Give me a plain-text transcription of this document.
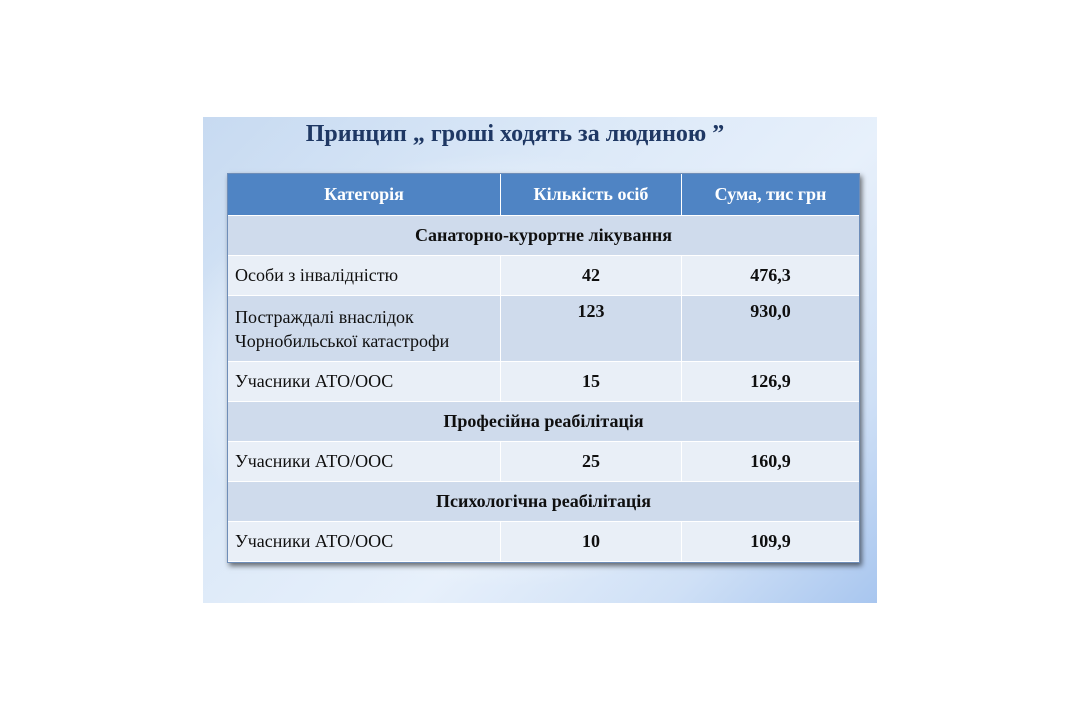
Принцип „ гроші ходять за людиною ”
Категорія	Кількість осіб	Сума, тис грн
Санаторно-курортне лікування		
Особи з інвалідністю	42	476,3
Постраждалі внаслідок
Чорнобильської катастрофи	123	930,0
Учасники АТО/ООС	15	126,9
Професійна реабілітація		
Учасники АТО/ООС	25	160,9
Психологічна реабілітація		
Учасники АТО/ООС	10	109,9
